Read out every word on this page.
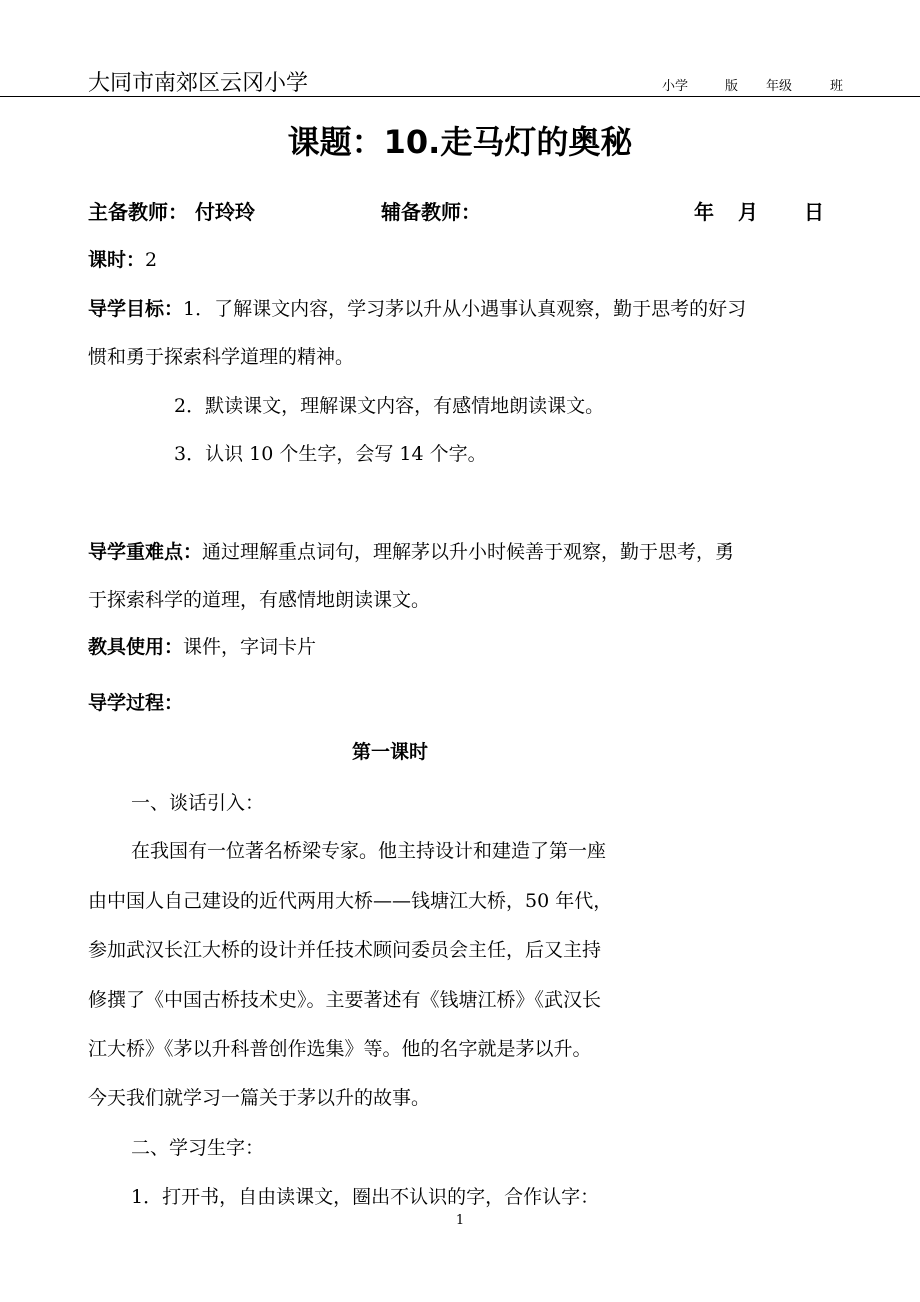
大同市南郊区云冈小学	小学	版 年级	班
课题：10.走马灯的奥秘
主备教师： 付玲玲	辅备教师：	年 月 日
课时：2
导学目标：1．了解课文内容，学习茅以升从小遇事认真观察，勤于思考的好习
惯和勇于探索科学道理的精神。
2．默读课文，理解课文内容，有感情地朗读课文。
3．认识 10 个生字，会写 14 个字。
导学重难点：通过理解重点词句，理解茅以升小时候善于观察，勤于思考，勇
于探索科学的道理，有感情地朗读课文。
教具使用：课件，字词卡片
导学过程：
第一课时
一、谈话引入：
在我国有一位著名桥梁专家。他主持设计和建造了第一座
由中国人自己建设的近代两用大桥——钱塘江大桥，50 年代，
参加武汉长江大桥的设计并任技术顾问委员会主任，后又主持
修撰了《中国古桥技术史》。主要著述有《钱塘江桥》《武汉长
江大桥》《茅以升科普创作选集》等。他的名字就是茅以升。
今天我们就学习一篇关于茅以升的故事。
二、学习生字：
1．打开书，自由读课文，圈出不认识的字，合作认字：
1
